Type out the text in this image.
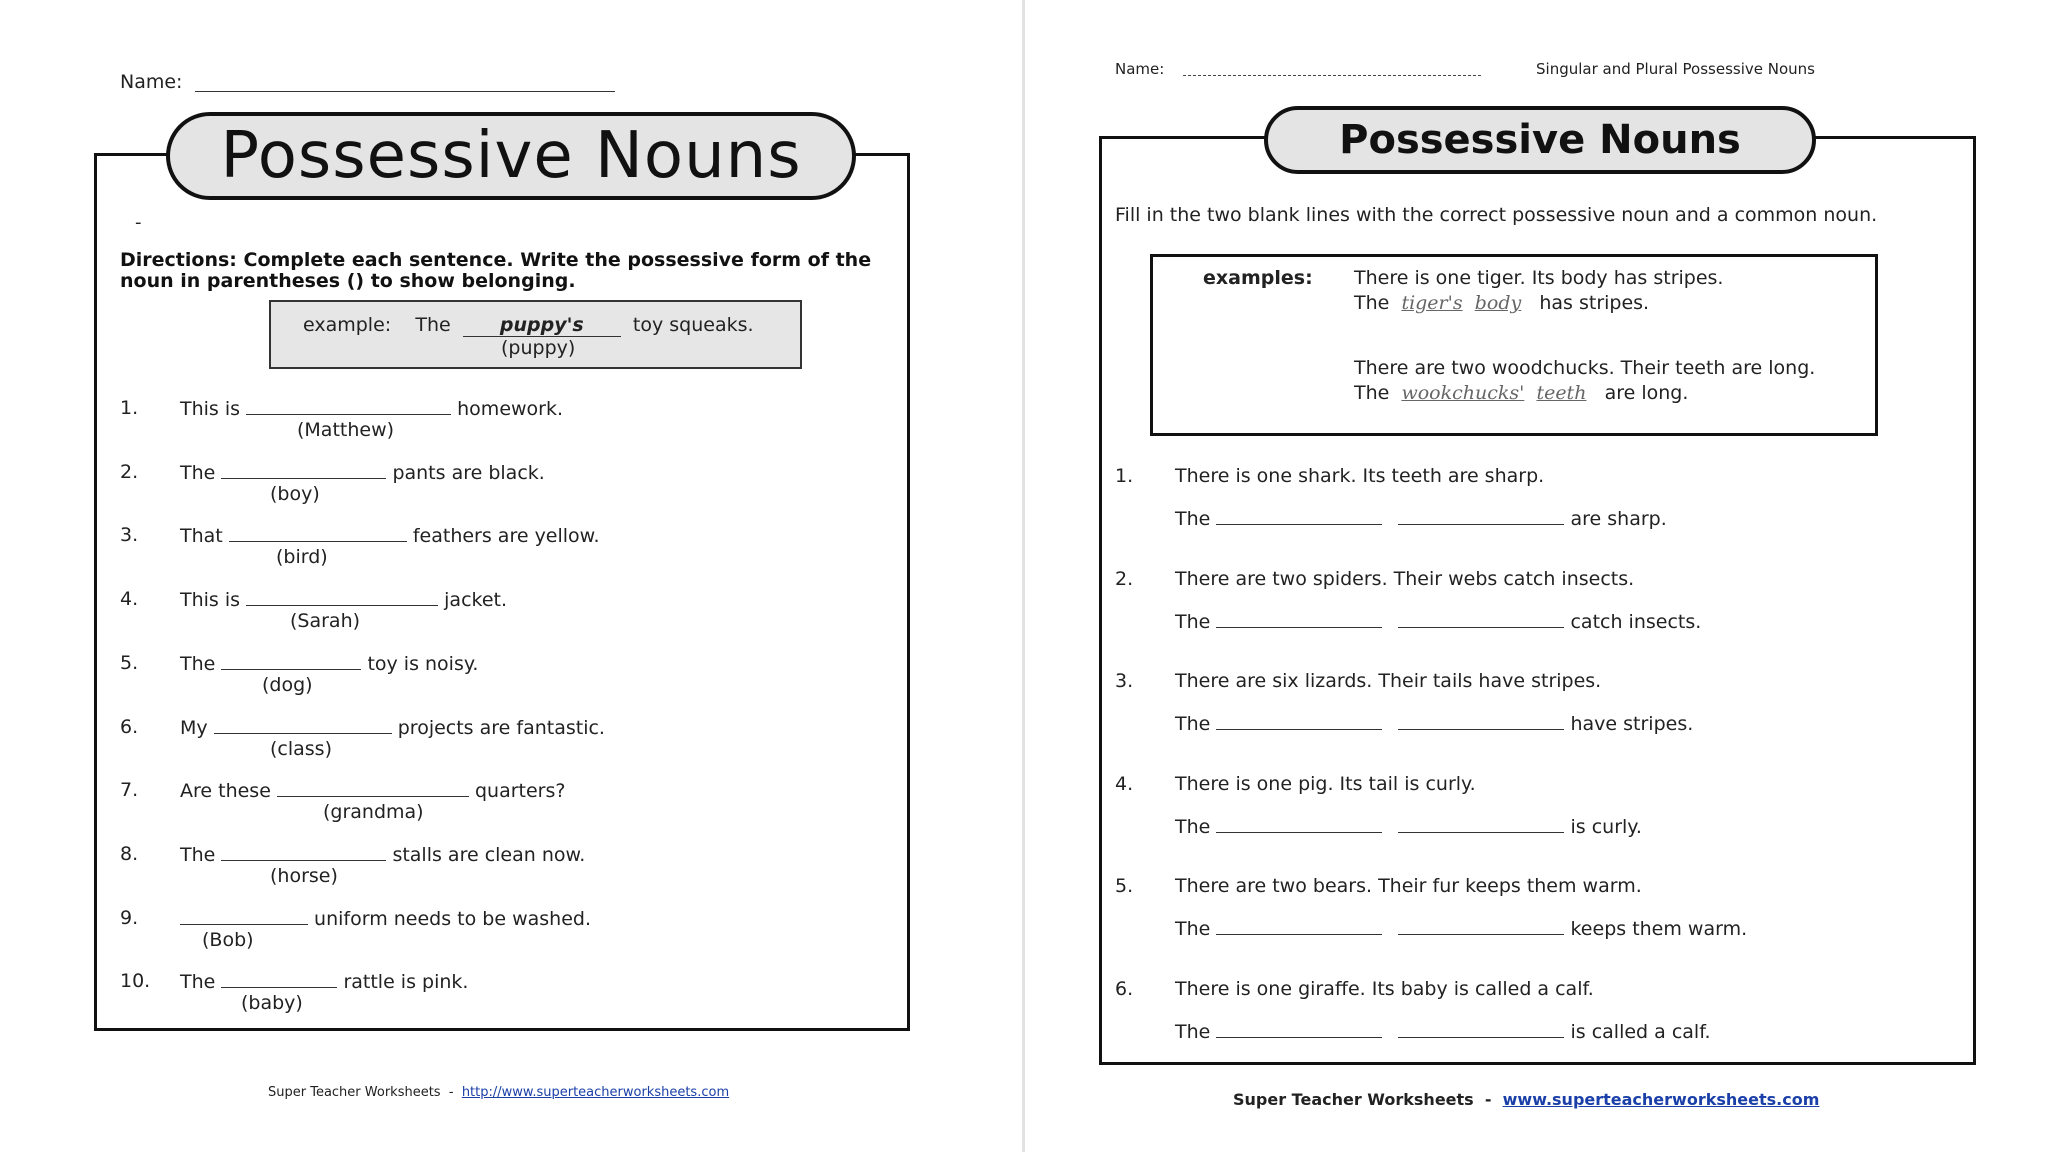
Name:
Possessive Nouns
-
Directions: Complete each sentence. Write the possessive form of the noun in parentheses () to show belonging.
example: The	puppy's	toy squeaks.
(puppy)
1. This is	homework.
(Matthew)
2. The	pants are black.
(boy)
3. That	feathers are yellow.
(bird)
4. This is	jacket.
(Sarah)
5. The	toy is noisy.
(dog)
6. My	projects are fantastic.
(class)
7. Are these	quarters?
(grandma)
8. The	stalls are clean now.
(horse)
9.	uniform needs to be washed.
(Bob)
10. The	rattle is pink.
(baby)
Super Teacher Worksheets - http://www.superteacherworksheets.com
Name:	Singular and Plural Possessive Nouns
Possessive Nouns
Fill in the two blank lines with the correct possessive noun and a common noun.
examples: There is one tiger. Its body has stripes.
The tiger's body has stripes.
There are two woodchucks. Their teeth are long.
The wookchucks' teeth are long.
1. There is one shark. Its teeth are sharp.
The	are sharp.
2. There are two spiders. Their webs catch insects.
The	catch insects.
3. There are six lizards. Their tails have stripes.
The	have stripes.
4. There is one pig. Its tail is curly.
The	is curly.
5. There are two bears. Their fur keeps them warm.
The	keeps them warm.
6. There is one giraffe. Its baby is called a calf.
The	is called a calf.
Super Teacher Worksheets - www.superteacherworksheets.com
